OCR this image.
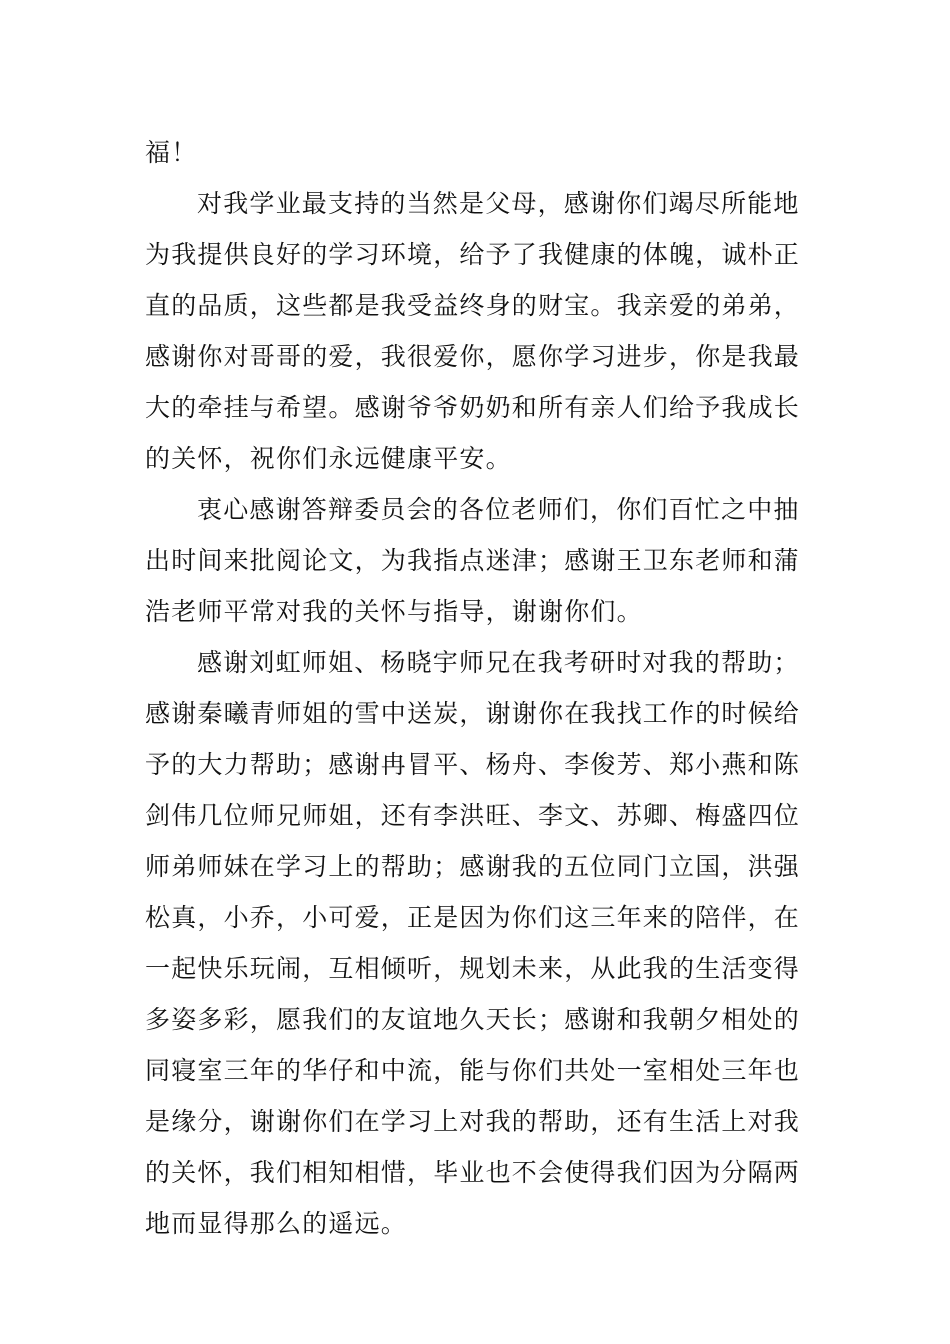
福！
对我学业最支持的当然是父母，感谢你们竭尽所能地
为我提供良好的学习环境，给予了我健康的体魄，诚朴正
直的品质，这些都是我受益终身的财宝。我亲爱的弟弟，
感谢你对哥哥的爱，我很爱你，愿你学习进步，你是我最
大的牵挂与希望。感谢爷爷奶奶和所有亲人们给予我成长
的关怀，祝你们永远健康平安。
衷心感谢答辩委员会的各位老师们，你们百忙之中抽
出时间来批阅论文，为我指点迷津；感谢王卫东老师和蒲
浩老师平常对我的关怀与指导，谢谢你们。
感谢刘虹师姐、杨晓宇师兄在我考研时对我的帮助；
感谢秦曦青师姐的雪中送炭，谢谢你在我找工作的时候给
予的大力帮助；感谢冉冒平、杨舟、李俊芳、郑小燕和陈
剑伟几位师兄师姐，还有李洪旺、李文、苏卿、梅盛四位
师弟师妹在学习上的帮助；感谢我的五位同门立国，洪强
松真，小乔，小可爱，正是因为你们这三年来的陪伴，在
一起快乐玩闹，互相倾听，规划未来，从此我的生活变得
多姿多彩，愿我们的友谊地久天长；感谢和我朝夕相处的
同寝室三年的华仔和中流，能与你们共处一室相处三年也
是缘分，谢谢你们在学习上对我的帮助，还有生活上对我
的关怀，我们相知相惜，毕业也不会使得我们因为分隔两
地而显得那么的遥远。
